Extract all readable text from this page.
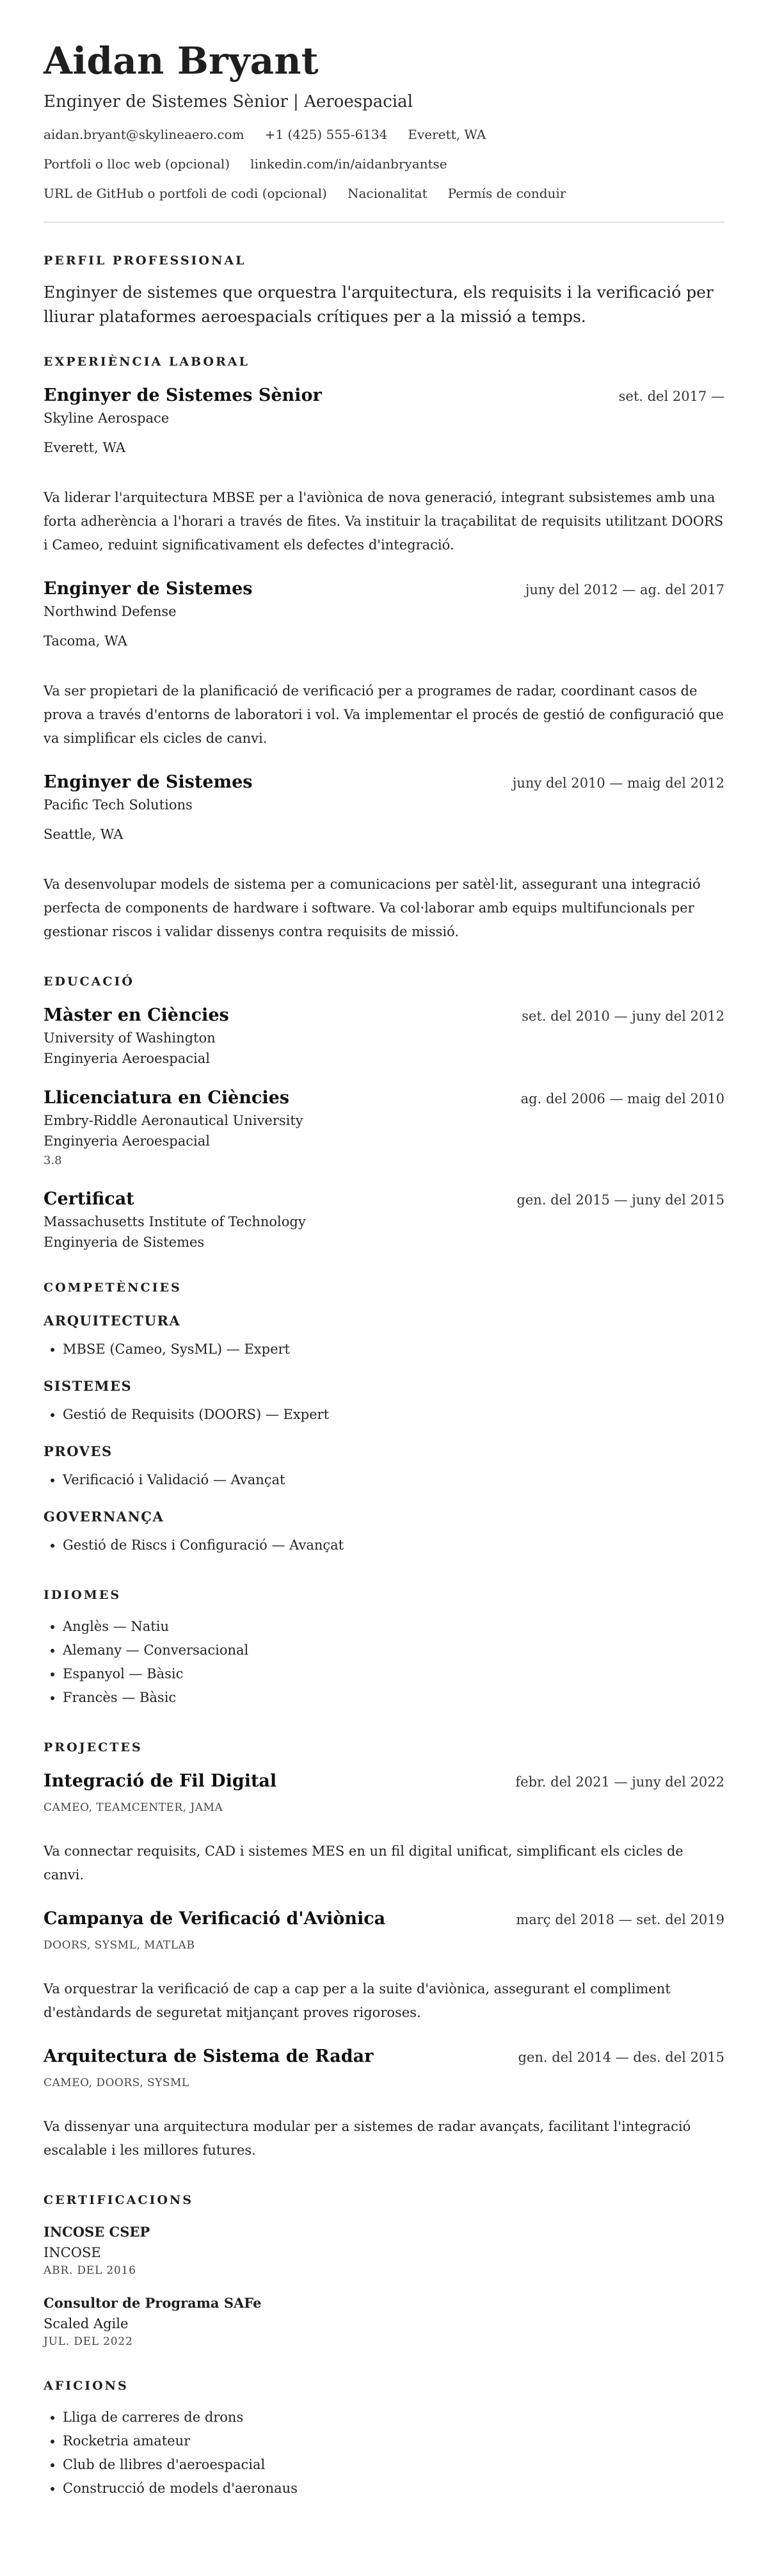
Aidan Bryant
Enginyer de Sistemes Sènior | Aeroespacial
aidan.bryant@skylineaero.com +1 (425) 555-6134 Everett, WA
Portfoli o lloc web (opcional) linkedin.com/in/aidanbryantse
URL de GitHub o portfoli de codi (opcional) Nacionalitat Permís de conduir
PERFIL PROFESSIONAL
Enginyer de sistemes que orquestra l'arquitectura, els requisits i la verificació per lliurar plataformes aeroespacials crítiques per a la missió a temps.
EXPERIÈNCIA LABORAL
Enginyer de Sistemes Sènior	set. del 2017 —
Skyline Aerospace
Everett, WA
Va liderar l'arquitectura MBSE per a l'aviònica de nova generació, integrant subsistemes amb una forta adherència a l'horari a través de fites. Va instituir la traçabilitat de requisits utilitzant DOORS i Cameo, reduint significativament els defectes d'integració.
Enginyer de Sistemes	juny del 2012 — ag. del 2017
Northwind Defense
Tacoma, WA
Va ser propietari de la planificació de verificació per a programes de radar, coordinant casos de prova a través d'entorns de laboratori i vol. Va implementar el procés de gestió de configuració que va simplificar els cicles de canvi.
Enginyer de Sistemes	juny del 2010 — maig del 2012
Pacific Tech Solutions
Seattle, WA
Va desenvolupar models de sistema per a comunicacions per satèl·lit, assegurant una integració perfecta de components de hardware i software. Va col·laborar amb equips multifuncionals per gestionar riscos i validar dissenys contra requisits de missió.
EDUCACIÓ
Màster en Ciències	set. del 2010 — juny del 2012
University of Washington
Enginyeria Aeroespacial
Llicenciatura en Ciències	ag. del 2006 — maig del 2010
Embry-Riddle Aeronautical University
Enginyeria Aeroespacial
3.8
Certificat	gen. del 2015 — juny del 2015
Massachusetts Institute of Technology
Enginyeria de Sistemes
COMPETÈNCIES
ARQUITECTURA
• MBSE (Cameo, SysML) — Expert
SISTEMES
• Gestió de Requisits (DOORS) — Expert
PROVES
• Verificació i Validació — Avançat
GOVERNANÇA
• Gestió de Riscs i Configuració — Avançat
IDIOMES
• Anglès — Natiu
• Alemany — Conversacional
• Espanyol — Bàsic
• Francès — Bàsic
PROJECTES
Integració de Fil Digital	febr. del 2021 — juny del 2022
CAMEO, TEAMCENTER, JAMA
Va connectar requisits, CAD i sistemes MES en un fil digital unificat, simplificant els cicles de canvi.
Campanya de Verificació d'Aviònica	març del 2018 — set. del 2019
DOORS, SYSML, MATLAB
Va orquestrar la verificació de cap a cap per a la suite d'aviònica, assegurant el compliment d'estàndards de seguretat mitjançant proves rigoroses.
Arquitectura de Sistema de Radar	gen. del 2014 — des. del 2015
CAMEO, DOORS, SYSML
Va dissenyar una arquitectura modular per a sistemes de radar avançats, facilitant l'integració escalable i les millores futures.
CERTIFICACIONS
INCOSE CSEP
INCOSE
ABR. DEL 2016
Consultor de Programa SAFe
Scaled Agile
JUL. DEL 2022
AFICIONS
• Lliga de carreres de drons
• Rocketria amateur
• Club de llibres d'aeroespacial
• Construcció de models d'aeronaus
